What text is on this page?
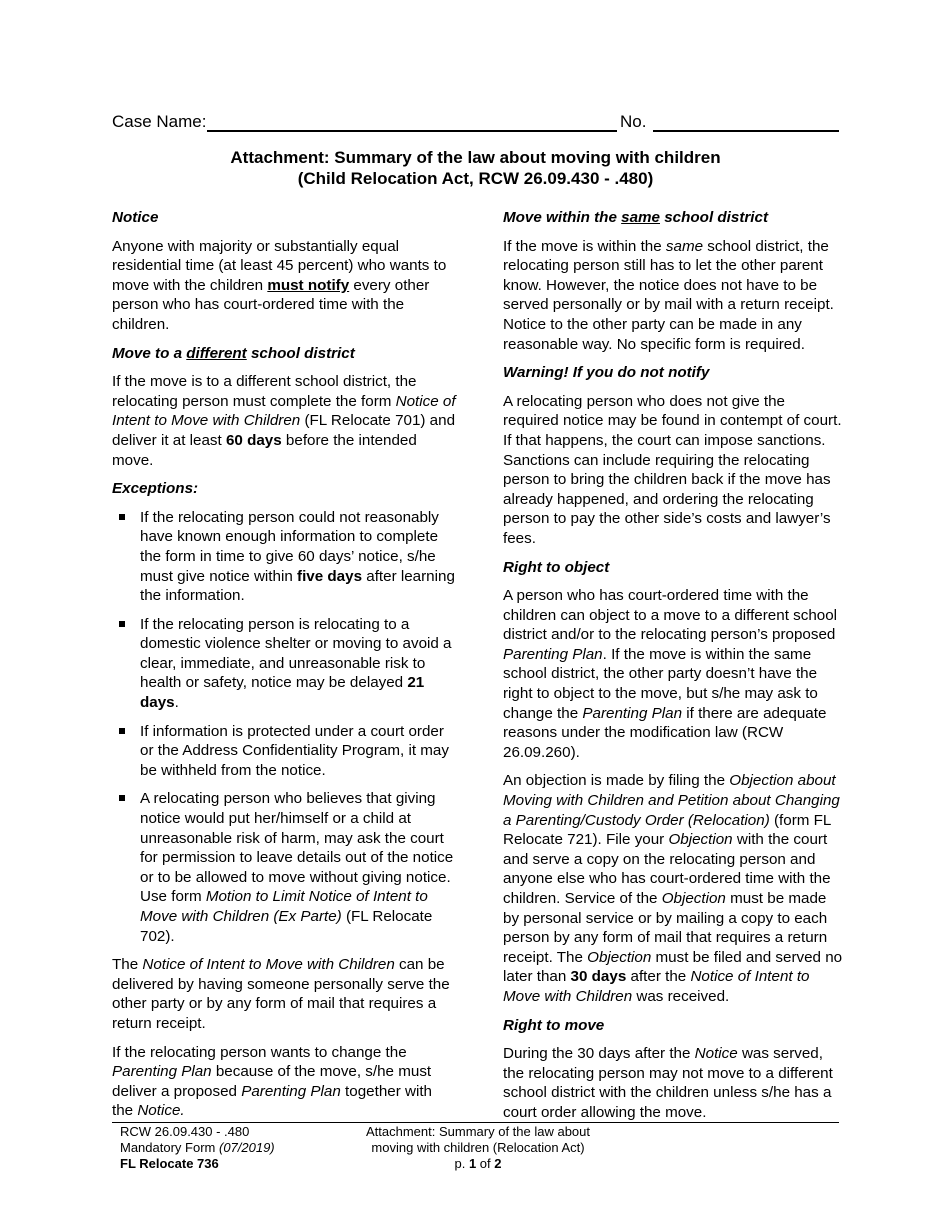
Case Name:	No.
Attachment: Summary of the law about moving with children
(Child Relocation Act, RCW 26.09.430 - .480)
Notice
Anyone with majority or substantially equal residential time (at least 45 percent) who wants to move with the children must notify every other person who has court-ordered time with the children.
Move to a different school district
If the move is to a different school district, the relocating person must complete the form Notice of Intent to Move with Children (FL Relocate 701) and deliver it at least 60 days before the intended move.
Exceptions:
If the relocating person could not reasonably have known enough information to complete the form in time to give 60 days’ notice, s/he must give notice within five days after learning the information.
If the relocating person is relocating to a domestic violence shelter or moving to avoid a clear, immediate, and unreasonable risk to health or safety, notice may be delayed 21 days.
If information is protected under a court order or the Address Confidentiality Program, it may be withheld from the notice.
A relocating person who believes that giving notice would put her/himself or a child at unreasonable risk of harm, may ask the court for permission to leave details out of the notice or to be allowed to move without giving notice. Use form Motion to Limit Notice of Intent to Move with Children (Ex Parte) (FL Relocate 702).
The Notice of Intent to Move with Children can be delivered by having someone personally serve the other party or by any form of mail that requires a return receipt.
If the relocating person wants to change the Parenting Plan because of the move, s/he must deliver a proposed Parenting Plan together with the Notice.
Move within the same school district
If the move is within the same school district, the relocating person still has to let the other parent know. However, the notice does not have to be served personally or by mail with a return receipt. Notice to the other party can be made in any reasonable way. No specific form is required.
Warning! If you do not notify
A relocating person who does not give the required notice may be found in contempt of court. If that happens, the court can impose sanctions. Sanctions can include requiring the relocating person to bring the children back if the move has already happened, and ordering the relocating person to pay the other side’s costs and lawyer’s fees.
Right to object
A person who has court-ordered time with the children can object to a move to a different school district and/or to the relocating person’s proposed Parenting Plan. If the move is within the same school district, the other party doesn’t have the right to object to the move, but s/he may ask to change the Parenting Plan if there are adequate reasons under the modification law (RCW 26.09.260).
An objection is made by filing the Objection about Moving with Children and Petition about Changing a Parenting/Custody Order (Relocation) (form FL Relocate 721). File your Objection with the court and serve a copy on the relocating person and anyone else who has court-ordered time with the children. Service of the Objection must be made by personal service or by mailing a copy to each person by any form of mail that requires a return receipt. The Objection must be filed and served no later than 30 days after the Notice of Intent to Move with Children was received.
Right to move
During the 30 days after the Notice was served, the relocating person may not move to a different school district with the children unless s/he has a court order allowing the move.
RCW 26.09.430 - .480
Mandatory Form (07/2019)
FL Relocate 736
Attachment: Summary of the law about
moving with children (Relocation Act)
p. 1 of 2
